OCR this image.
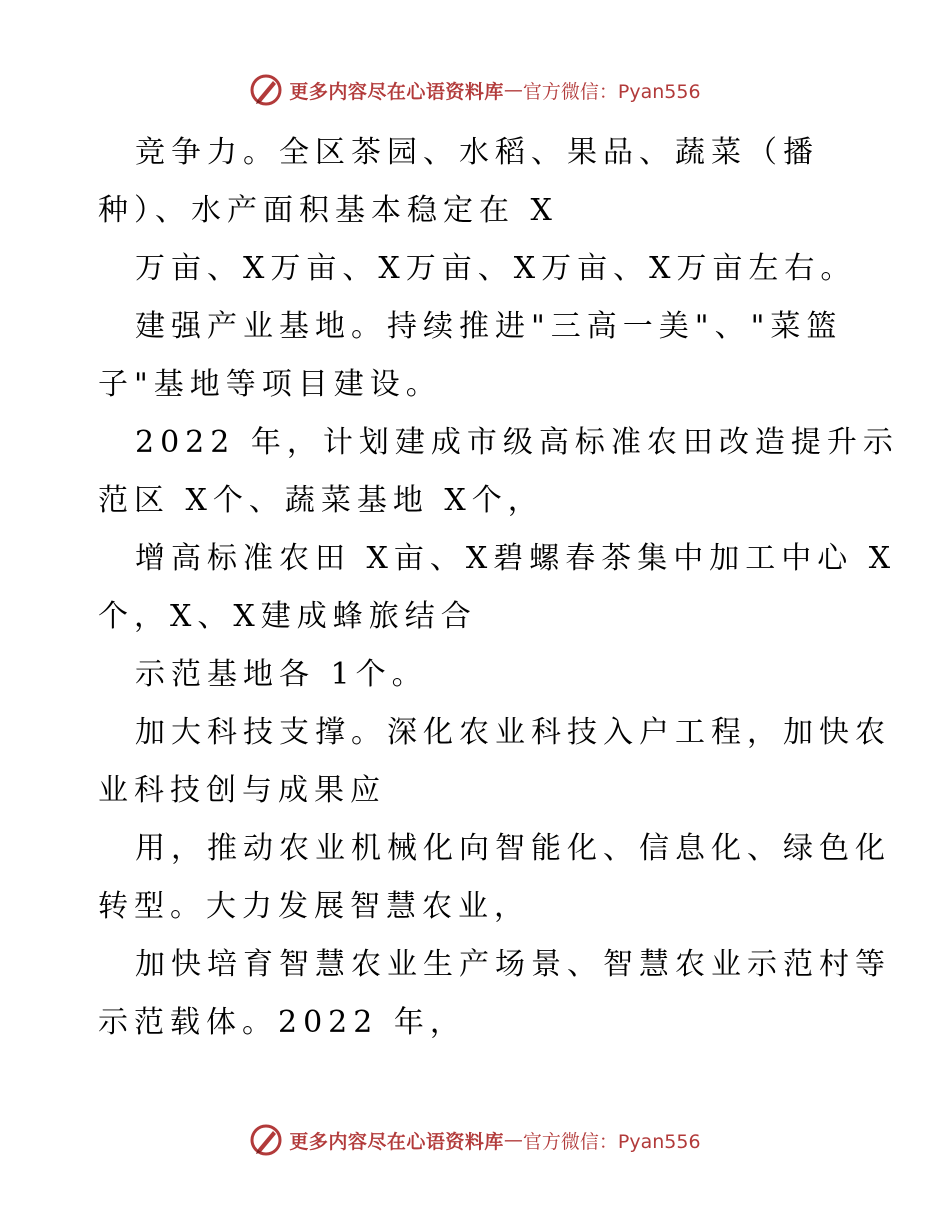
更多内容尽在心语资料库 — 官方微信：Pyan556
竞争力。全区茶园、水稻、果品、蔬菜（播
种）、水产面积基本稳定在 X
万亩、X万亩、X万亩、X万亩、X万亩左右。
建强产业基地。持续推进"三高一美"、"菜篮
子"基地等项目建设。
2022 年，计划建成市级高标准农田改造提升示
范区 X个、蔬菜基地 X个，
增高标准农田 X亩、X碧螺春茶集中加工中心 X
个，X、X建成蜂旅结合
示范基地各 1个。
加大科技支撑。深化农业科技入户工程，加快农
业科技创与成果应
用，推动农业机械化向智能化、信息化、绿色化
转型。大力发展智慧农业，
加快培育智慧农业生产场景、智慧农业示范村等
示范载体。2022 年，
更多内容尽在心语资料库 — 官方微信：Pyan556
